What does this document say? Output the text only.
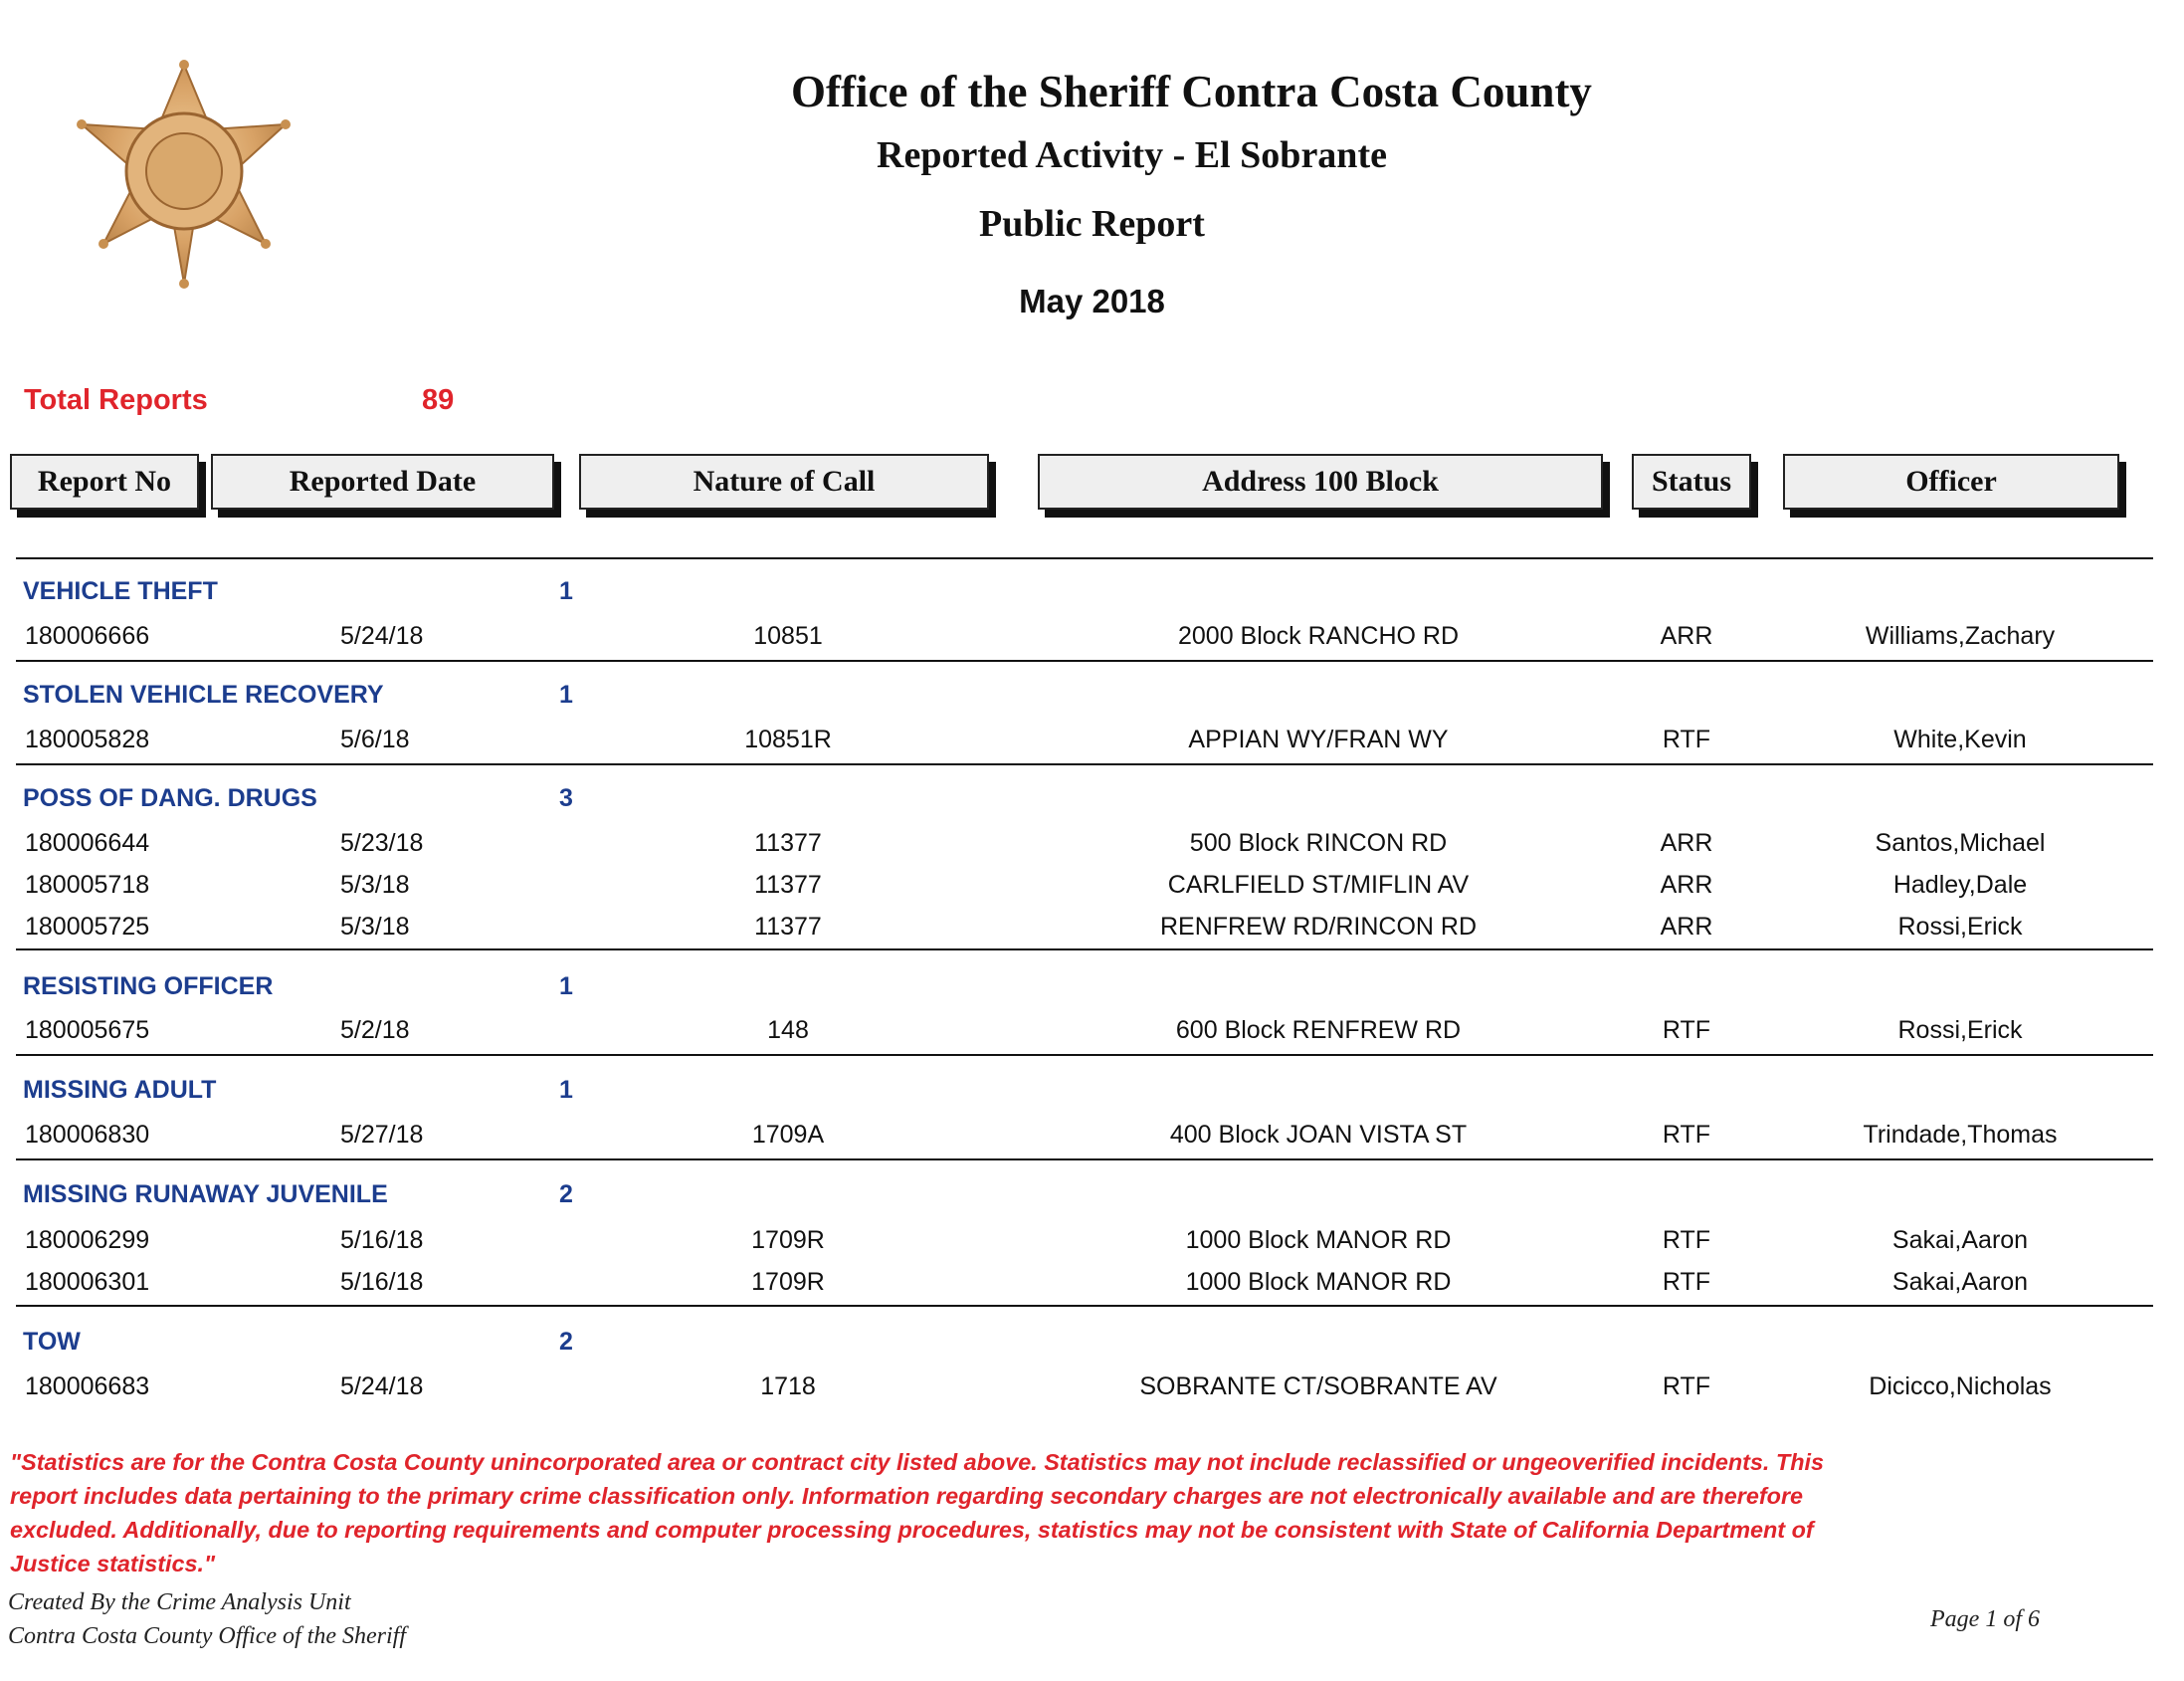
Office of the Sheriff Contra Costa County
Reported Activity - El Sobrante
Public Report
May 2018
Total Reports	89
Report No	Reported Date	Nature of Call	Address 100 Block	Status	Officer
VEHICLE THEFT	1
180006666	5/24/18	10851	2000 Block RANCHO RD	ARR	Williams,Zachary
STOLEN VEHICLE RECOVERY	1
180005828	5/6/18	10851R	APPIAN WY/FRAN WY	RTF	White,Kevin
POSS OF DANG. DRUGS	3
180006644	5/23/18	11377	500 Block RINCON RD	ARR	Santos,Michael
180005718	5/3/18	11377	CARLFIELD ST/MIFLIN AV	ARR	Hadley,Dale
180005725	5/3/18	11377	RENFREW RD/RINCON RD	ARR	Rossi,Erick
RESISTING OFFICER	1
180005675	5/2/18	148	600 Block RENFREW RD	RTF	Rossi,Erick
MISSING ADULT	1
180006830	5/27/18	1709A	400 Block JOAN VISTA ST	RTF	Trindade,Thomas
MISSING RUNAWAY JUVENILE	2
180006299	5/16/18	1709R	1000 Block MANOR RD	RTF	Sakai,Aaron
180006301	5/16/18	1709R	1000 Block MANOR RD	RTF	Sakai,Aaron
TOW	2
180006683	5/24/18	1718	SOBRANTE CT/SOBRANTE AV	RTF	Dicicco,Nicholas
"Statistics are for the Contra Costa County unincorporated area or contract city listed above. Statistics may not include reclassified or ungeoverified incidents. This report includes data pertaining to the primary crime classification only. Information regarding secondary charges are not electronically available and are therefore excluded. Additionally, due to reporting requirements and computer processing procedures, statistics may not be consistent with State of California Department of Justice statistics."
Created By the Crime Analysis Unit
Contra Costa County Office of the Sheriff
Page 1 of 6
